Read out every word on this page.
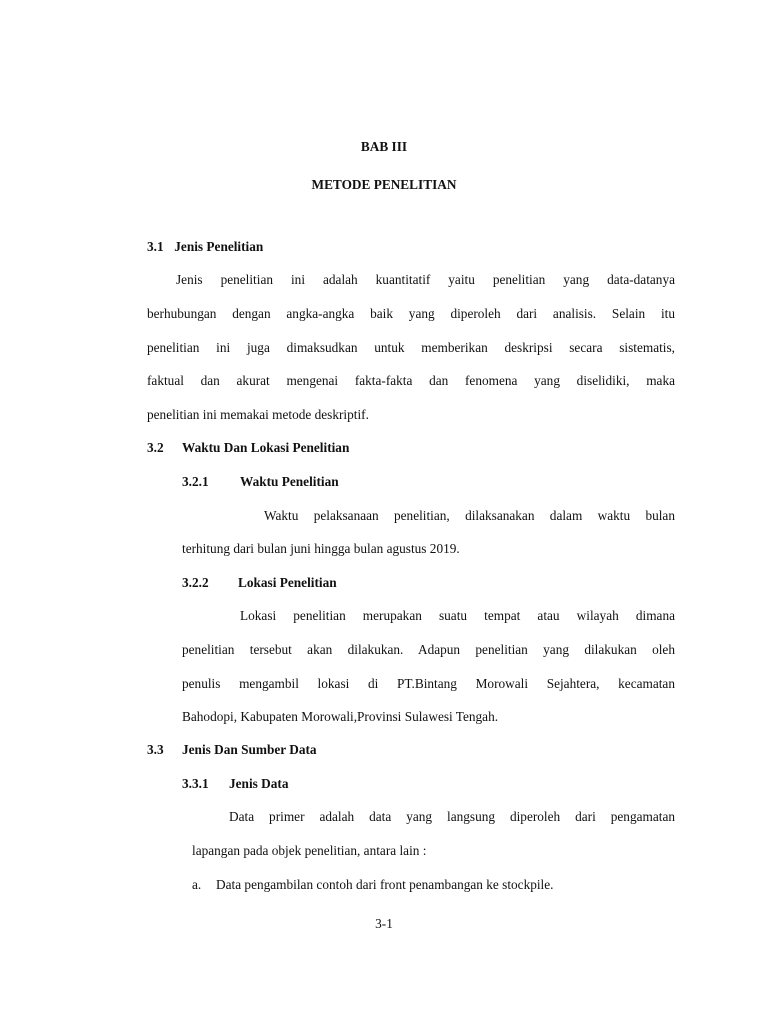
BAB III
METODE PENELITIAN
3.1 Jenis Penelitian
Jenis penelitian ini adalah kuantitatif yaitu penelitian yang data-datanya
berhubungan dengan angka-angka baik yang diperoleh dari analisis. Selain itu
penelitian ini juga dimaksudkan untuk memberikan deskripsi secara sistematis,
faktual dan akurat mengenai fakta-fakta dan fenomena yang diselidiki, maka
penelitian ini memakai metode deskriptif.
3.2 Waktu Dan Lokasi Penelitian
3.2.1 Waktu Penelitian
Waktu pelaksanaan penelitian, dilaksanakan dalam waktu bulan
terhitung dari bulan juni hingga bulan agustus 2019.
3.2.2 Lokasi Penelitian
Lokasi penelitian merupakan suatu tempat atau wilayah dimana
penelitian tersebut akan dilakukan. Adapun penelitian yang dilakukan oleh
penulis mengambil lokasi di PT.Bintang Morowali Sejahtera, kecamatan
Bahodopi, Kabupaten Morowali,Provinsi Sulawesi Tengah.
3.3 Jenis Dan Sumber Data
3.3.1 Jenis Data
Data primer adalah data yang langsung diperoleh dari pengamatan
lapangan pada objek penelitian, antara lain :
a. Data pengambilan contoh dari front penambangan ke stockpile.
3-1
